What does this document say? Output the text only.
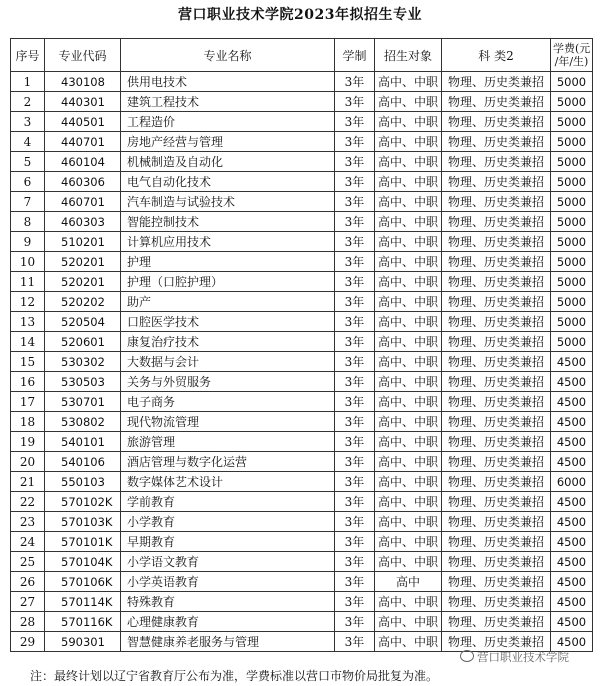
营口职业技术学院2023年拟招生专业
序号	专业代码	专业名称	学制	招生对象	科 类2	学费(元
/年/生)

1	430108	供用电技术	3年	高中、中职	物理、历史类兼招	5000
2	440301	建筑工程技术	3年	高中、中职	物理、历史类兼招	5000
3	440501	工程造价	3年	高中、中职	物理、历史类兼招	5000
4	440701	房地产经营与管理	3年	高中、中职	物理、历史类兼招	5000
5	460104	机械制造及自动化	3年	高中、中职	物理、历史类兼招	5000
6	460306	电气自动化技术	3年	高中、中职	物理、历史类兼招	5000
7	460701	汽车制造与试验技术	3年	高中、中职	物理、历史类兼招	5000
8	460303	智能控制技术	3年	高中、中职	物理、历史类兼招	5000
9	510201	计算机应用技术	3年	高中、中职	物理、历史类兼招	5000
10	520201	护理	3年	高中、中职	物理、历史类兼招	5000
11	520201	护理（口腔护理）	3年	高中、中职	物理、历史类兼招	5000
12	520202	助产	3年	高中、中职	物理、历史类兼招	5000
13	520504	口腔医学技术	3年	高中、中职	物理、历史类兼招	5000
14	520601	康复治疗技术	3年	高中、中职	物理、历史类兼招	5000
15	530302	大数据与会计	3年	高中、中职	物理、历史类兼招	4500
16	530503	关务与外贸服务	3年	高中、中职	物理、历史类兼招	4500
17	530701	电子商务	3年	高中、中职	物理、历史类兼招	4500
18	530802	现代物流管理	3年	高中、中职	物理、历史类兼招	4500
19	540101	旅游管理	3年	高中、中职	物理、历史类兼招	4500
20	540106	酒店管理与数字化运营	3年	高中、中职	物理、历史类兼招	4500
21	550103	数字媒体艺术设计	3年	高中、中职	物理、历史类兼招	6000
22	570102K	学前教育	3年	高中、中职	物理、历史类兼招	4500
23	570103K	小学教育	3年	高中、中职	物理、历史类兼招	4500
24	570101K	早期教育	3年	高中、中职	物理、历史类兼招	4500
25	570104K	小学语文教育	3年	高中、中职	物理、历史类兼招	4500
26	570106K	小学英语教育	3年	高中	物理、历史类兼招	4500
27	570114K	特殊教育	3年	高中、中职	物理、历史类兼招	4500
28	570116K	心理健康教育	3年	高中、中职	物理、历史类兼招	4500
29	590301	智慧健康养老服务与管理	3年	高中、中职	物理、历史类兼招	4500
营口职业技术学院
注：最终计划以辽宁省教育厅公布为准，学费标准以营口市物价局批复为准。
